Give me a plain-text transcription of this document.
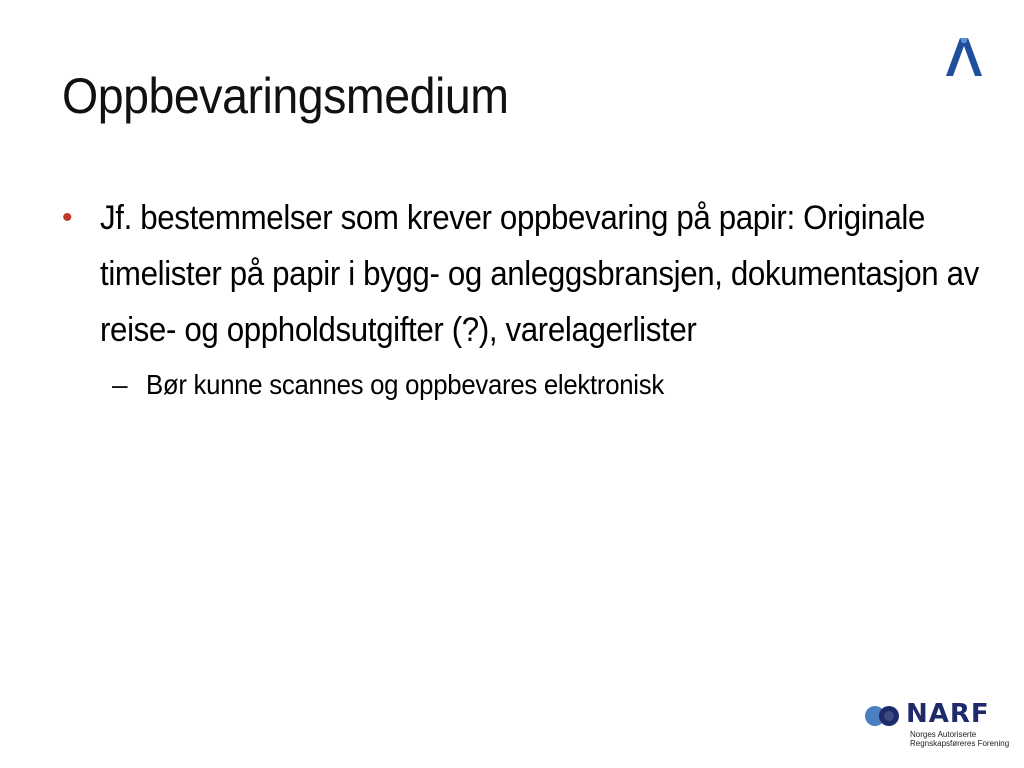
Oppbevaringsmedium
• Jf. bestemmelser som krever oppbevaring på papir: Originale timelister på papir i bygg- og anleggsbransjen, dokumentasjon av reise- og oppholdsutgifter (?), varelagerlister
– Bør kunne scannes og oppbevares elektronisk
NARF
Norges Autoriserte
Regnskapsføreres Forening
